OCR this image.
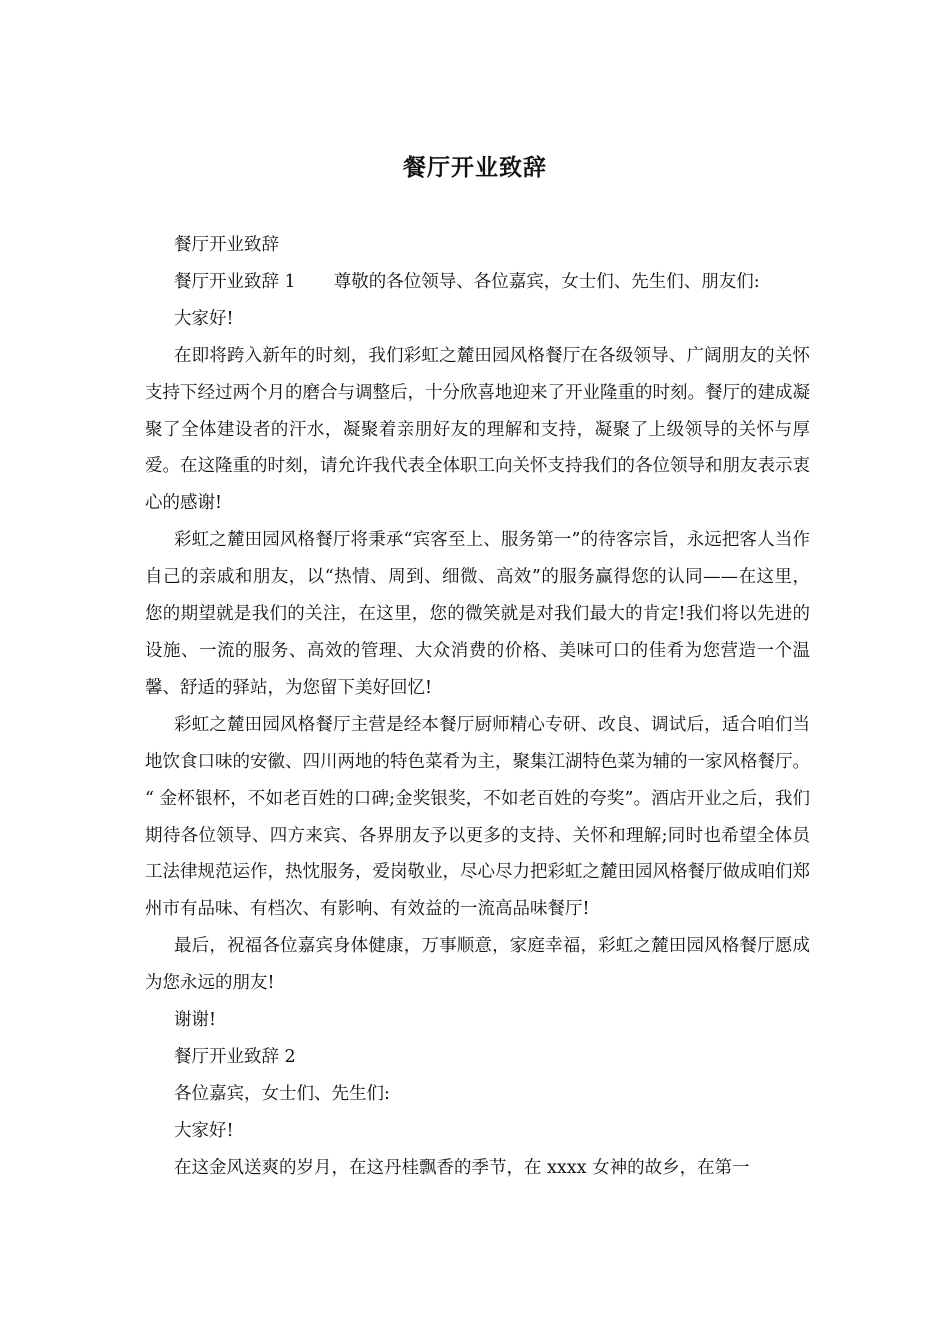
餐厅开业致辞

餐厅开业致辞

餐厅开业致辞 1 尊敬的各位领导、各位嘉宾，女士们、先生们、朋友们:

大家好!

在即将跨入新年的时刻，我们彩虹之麓田园风格餐厅在各级领导、广阔朋友的关怀支持下经过两个月的磨合与调整后，十分欣喜地迎来了开业隆重的时刻。餐厅的建成凝聚了全体建设者的汗水，凝聚着亲朋好友的理解和支持，凝聚了上级领导的关怀与厚爱。在这隆重的时刻，请允许我代表全体职工向关怀支持我们的各位领导和朋友表示衷心的感谢!

彩虹之麓田园风格餐厅将秉承“宾客至上、服务第一”的待客宗旨，永远把客人当作自己的亲戚和朋友，以“热情、周到、细微、高效”的服务赢得您的认同——在这里，您的期望就是我们的关注，在这里，您的微笑就是对我们最大的肯定!我们将以先进的设施、一流的服务、高效的管理、大众消费的价格、美味可口的佳肴为您营造一个温馨、舒适的驿站，为您留下美好回忆!

彩虹之麓田园风格餐厅主营是经本餐厅厨师精心专研、改良、调试后，适合咱们当地饮食口味的安徽、四川两地的特色菜肴为主，聚集江湖特色菜为辅的一家风格餐厅。 “ 金杯银杯，不如老百姓的口碑;金奖银奖，不如老百姓的夸奖”。酒店开业之后，我们期待各位领导、四方来宾、各界朋友予以更多的支持、关怀和理解;同时也希望全体员工法律规范运作，热忱服务，爱岗敬业，尽心尽力把彩虹之麓田园风格餐厅做成咱们郑州市有品味、有档次、有影响、有效益的一流高品味餐厅!

最后，祝福各位嘉宾身体健康，万事顺意，家庭幸福，彩虹之麓田园风格餐厅愿成为您永远的朋友!

谢谢!

餐厅开业致辞 2

各位嘉宾，女士们、先生们:

大家好!

在这金风送爽的岁月，在这丹桂飘香的季节，在 xxxx 女神的故乡，在第一
